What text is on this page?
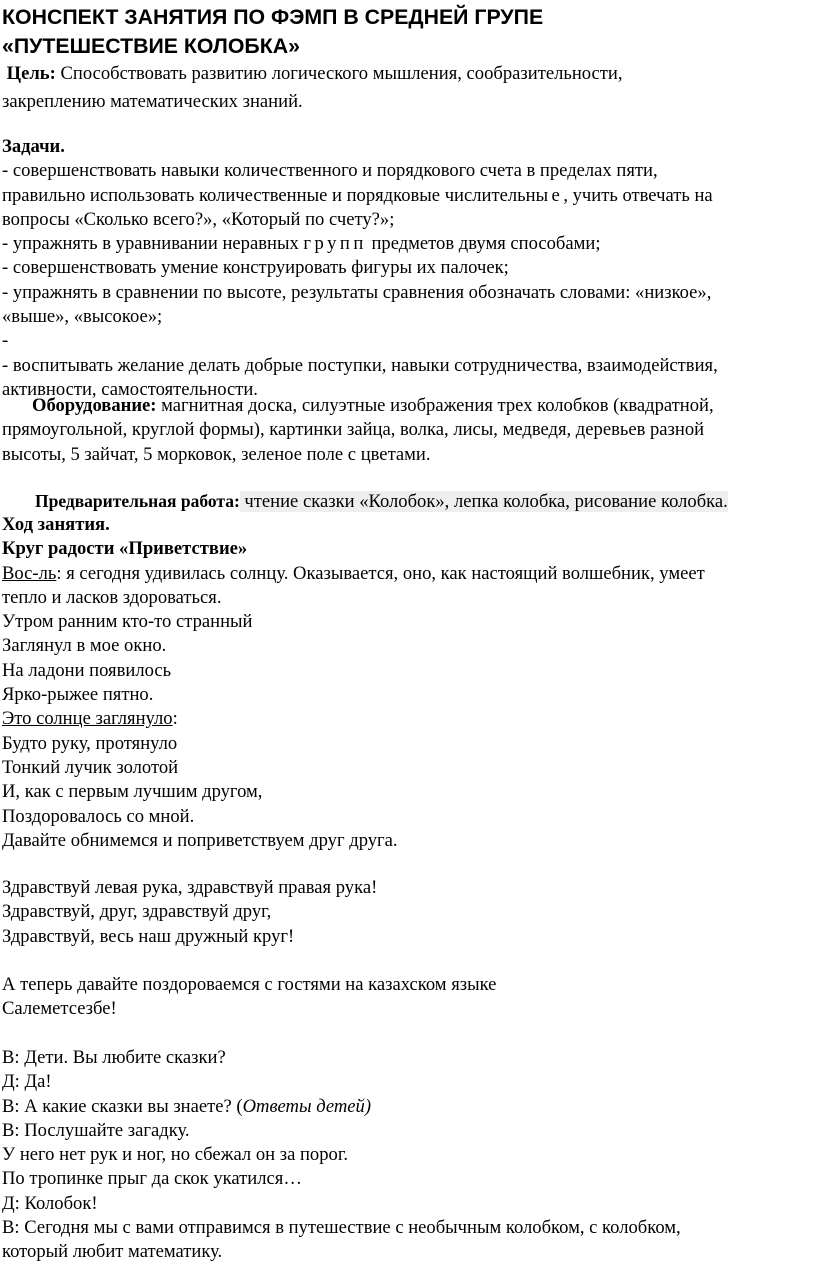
КОНСПЕКТ ЗАНЯТИЯ ПО ФЭМП В СРЕДНЕЙ ГРУПЕ
«ПУТЕШЕСТВИЕ КОЛОБКА»
Цель: Способствовать развитию логического мышления, сообразительности,
закреплению математических знаний.
Задачи.
- совершенствовать навыки количественного и порядкового счета в пределах пяти,
правильно использовать количественные и порядковые числительные, учить отвечать на
вопросы «Сколько всего?», «Который по счету?»;
- упражнять в уравнивании неравных групп предметов двумя способами;
- совершенствовать умение конструировать фигуры их палочек;
- упражнять в сравнении по высоте, результаты сравнения обозначать словами: «низкое»,
«выше», «высокое»;
-
- воспитывать желание делать добрые поступки, навыки сотрудничества, взаимодействия,
активности, самостоятельности.
Оборудование: магнитная доска, силуэтные изображения трех колобков (квадратной,
прямоугольной, круглой формы), картинки зайца, волка, лисы, медведя, деревьев разной
высоты, 5 зайчат, 5 морковок, зеленое поле с цветами.
Предварительная работа: чтение сказки «Колобок», лепка колобка, рисование колобка.
Ход занятия.
Круг радости «Приветствие»
Вос-ль: я сегодня удивилась солнцу. Оказывается, оно, как настоящий волшебник, умеет
тепло и ласков здороваться.
Утром ранним кто-то странный
Заглянул в мое окно.
На ладони появилось
Ярко-рыжее пятно.
Это солнце заглянуло:
Будто руку, протянуло
Тонкий лучик золотой
И, как с первым лучшим другом,
Поздоровалось со мной.
Давайте обнимемся и поприветствуем друг друга.
Здравствуй левая рука, здравствуй правая рука!
Здравствуй, друг, здравствуй друг,
Здравствуй, весь наш дружный круг!
А теперь давайте поздороваемся с гостями на казахском языке
Салеметсезбе!
В: Дети. Вы любите сказки?
Д: Да!
В: А какие сказки вы знаете? (Ответы детей)
В: Послушайте загадку.
У него нет рук и ног, но сбежал он за порог.
По тропинке прыг да скок укатился…
Д: Колобок!
В: Сегодня мы с вами отправимся в путешествие с необычным колобком, с колобком,
который любит математику.
